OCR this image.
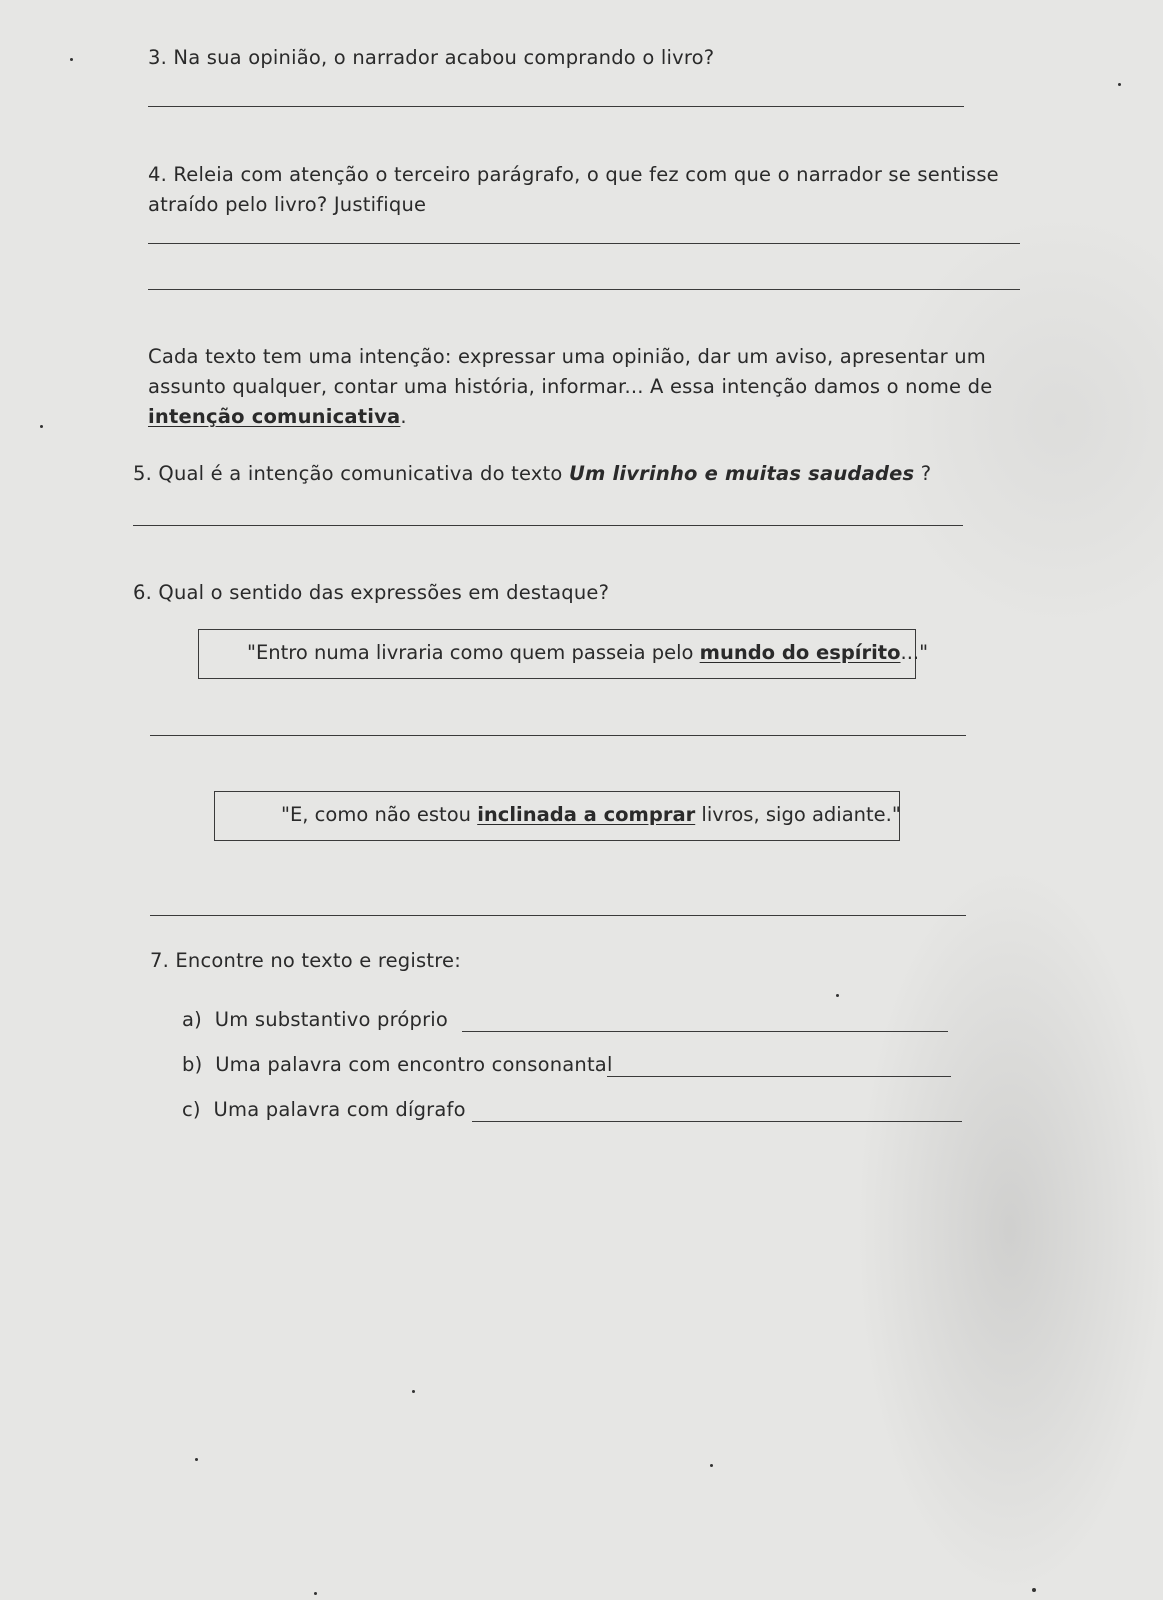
3. Na sua opinião, o narrador acabou comprando o livro?
4. Releia com atenção o terceiro parágrafo, o que fez com que o narrador se sentisse
atraído pelo livro? Justifique
Cada texto tem uma intenção: expressar uma opinião, dar um aviso, apresentar um
assunto qualquer, contar uma história, informar... A essa intenção damos o nome de
intenção comunicativa.
5. Qual é a intenção comunicativa do texto Um livrinho e muitas saudades ?
6. Qual o sentido das expressões em destaque?
"Entro numa livraria como quem passeia pelo mundo do espírito..."
"E, como não estou inclinada a comprar livros, sigo adiante."
7. Encontre no texto e registre:
a) Um substantivo próprio
b) Uma palavra com encontro consonantal
c) Uma palavra com dígrafo
